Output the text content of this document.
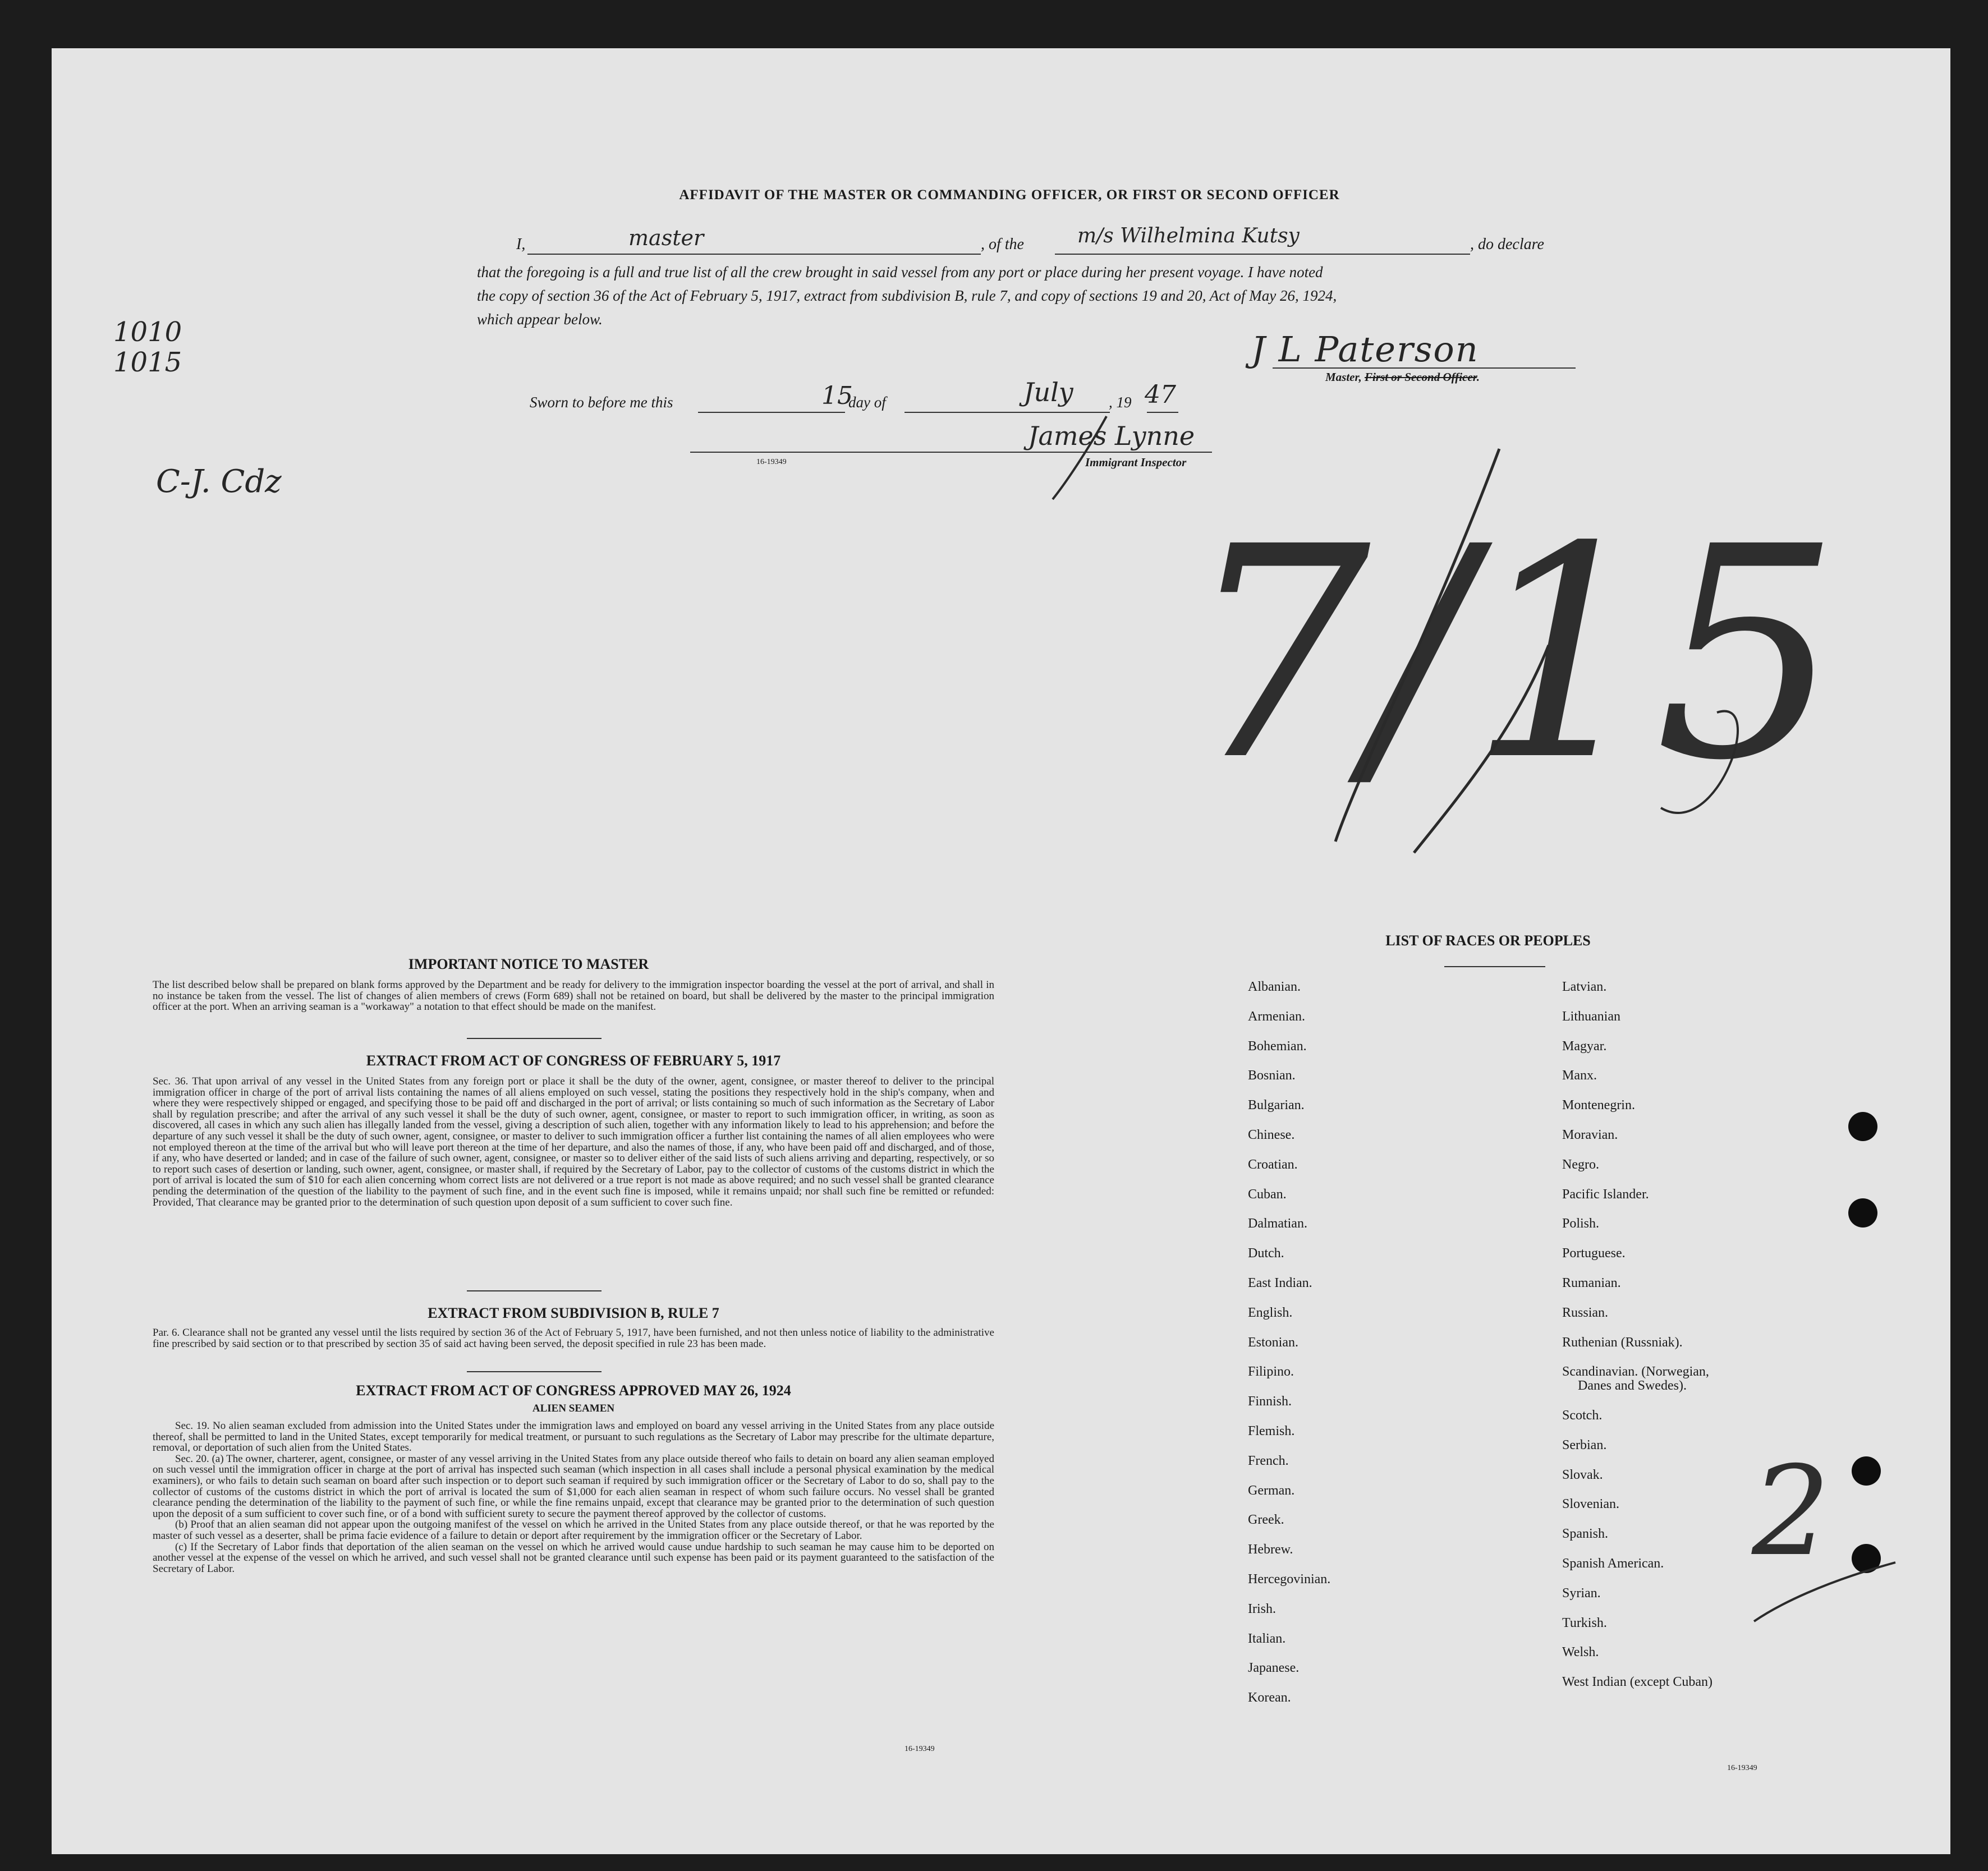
AFFIDAVIT OF THE MASTER OR COMMANDING OFFICER, OR FIRST OR SECOND OFFICER
I,	master	, of the	m/s Wilhelmina Kutsy	, do declare
that the foregoing is a full and true list of all the crew brought in said vessel from any port or place during her present voyage. I have noted
the copy of section 36 of the Act of February 5, 1917, extract from subdivision B, rule 7, and copy of sections 19 and 20, Act of May 26, 1924,
which appear below.
J L Paterson
Master, First or Second Officer.
Sworn to before me this	15
day of	July , 19 47
James Lynne
Immigrant Inspector
16-19349
1010
1015
C-J. Cdz
7/15
2
IMPORTANT NOTICE TO MASTER
The list described below shall be prepared on blank forms approved by the Department and be ready for delivery to the immigration inspector boarding the vessel at the port of arrival, and shall in no instance be taken from the vessel. The list of changes of alien members of crews (Form 689) shall not be retained on board, but shall be delivered by the master to the principal immigration officer at the port. When an arriving seaman is a "workaway" a notation to that effect should be made on the manifest.
EXTRACT FROM ACT OF CONGRESS OF FEBRUARY 5, 1917
Sec. 36. That upon arrival of any vessel in the United States from any foreign port or place it shall be the duty of the owner, agent, consignee, or master thereof to deliver to the principal immigration officer in charge of the port of arrival lists containing the names of all aliens employed on such vessel, stating the positions they respectively hold in the ship's company, when and where they were respectively shipped or engaged, and specifying those to be paid off and discharged in the port of arrival; or lists containing so much of such information as the Secretary of Labor shall by regulation prescribe; and after the arrival of any such vessel it shall be the duty of such owner, agent, consignee, or master to report to such immigration officer, in writing, as soon as discovered, all cases in which any such alien has illegally landed from the vessel, giving a description of such alien, together with any information likely to lead to his apprehension; and before the departure of any such vessel it shall be the duty of such owner, agent, consignee, or master to deliver to such immigration officer a further list containing the names of all alien employees who were not employed thereon at the time of the arrival but who will leave port thereon at the time of her departure, and also the names of those, if any, who have been paid off and discharged, and of those, if any, who have deserted or landed; and in case of the failure of such owner, agent, consignee, or master so to deliver either of the said lists of such aliens arriving and departing, respectively, or so to report such cases of desertion or landing, such owner, agent, consignee, or master shall, if required by the Secretary of Labor, pay to the collector of customs of the customs district in which the port of arrival is located the sum of $10 for each alien concerning whom correct lists are not delivered or a true report is not made as above required; and no such vessel shall be granted clearance pending the determination of the question of the liability to the payment of such fine, and in the event such fine is imposed, while it remains unpaid; nor shall such fine be remitted or refunded: Provided, That clearance may be granted prior to the determination of such question upon deposit of a sum sufficient to cover such fine.
EXTRACT FROM SUBDIVISION B, RULE 7
Par. 6. Clearance shall not be granted any vessel until the lists required by section 36 of the Act of February 5, 1917, have been furnished, and not then unless notice of liability to the administrative fine prescribed by said section or to that prescribed by section 35 of said act having been served, the deposit specified in rule 23 has been made.
EXTRACT FROM ACT OF CONGRESS APPROVED MAY 26, 1924
ALIEN SEAMEN
Sec. 19. No alien seaman excluded from admission into the United States under the immigration laws and employed on board any vessel arriving in the United States from any place outside thereof, shall be permitted to land in the United States, except temporarily for medical treatment, or pursuant to such regulations as the Secretary of Labor may prescribe for the ultimate departure, removal, or deportation of such alien from the United States.
Sec. 20. (a) The owner, charterer, agent, consignee, or master of any vessel arriving in the United States from any place outside thereof who fails to detain on board any alien seaman employed on such vessel until the immigration officer in charge at the port of arrival has inspected such seaman (which inspection in all cases shall include a personal physical examination by the medical examiners), or who fails to detain such seaman on board after such inspection or to deport such seaman if required by such immigration officer or the Secretary of Labor to do so, shall pay to the collector of customs of the customs district in which the port of arrival is located the sum of $1,000 for each alien seaman in respect of whom such failure occurs. No vessel shall be granted clearance pending the determination of the liability to the payment of such fine, or while the fine remains unpaid, except that clearance may be granted prior to the determination of such question upon the deposit of a sum sufficient to cover such fine, or of a bond with sufficient surety to secure the payment thereof approved by the collector of customs.
(b) Proof that an alien seaman did not appear upon the outgoing manifest of the vessel on which he arrived in the United States from any place outside thereof, or that he was reported by the master of such vessel as a deserter, shall be prima facie evidence of a failure to detain or deport after requirement by the immigration officer or the Secretary of Labor.
(c) If the Secretary of Labor finds that deportation of the alien seaman on the vessel on which he arrived would cause undue hardship to such seaman he may cause him to be deported on another vessel at the expense of the vessel on which he arrived, and such vessel shall not be granted clearance until such expense has been paid or its payment guaranteed to the satisfaction of the Secretary of Labor.
16-19349
LIST OF RACES OR PEOPLES
Albanian.
Armenian.
Bohemian.
Bosnian.
Bulgarian.
Chinese.
Croatian.
Cuban.
Dalmatian.
Dutch.
East Indian.
English.
Estonian.
Filipino.
Finnish.
Flemish.
French.
German.
Greek.
Hebrew.
Hercegovinian.
Irish.
Italian.
Japanese.
Korean.
Latvian.
Lithuanian
Magyar.
Manx.
Montenegrin.
Moravian.
Negro.
Pacific Islander.
Polish.
Portuguese.
Rumanian.
Russian.
Ruthenian (Russniak).
Scandinavian. (Norwegian,
Danes and Swedes).
Scotch.
Serbian.
Slovak.
Slovenian.
Spanish.
Spanish American.
Syrian.
Turkish.
Welsh.
West Indian (except Cuban)
16-19349
